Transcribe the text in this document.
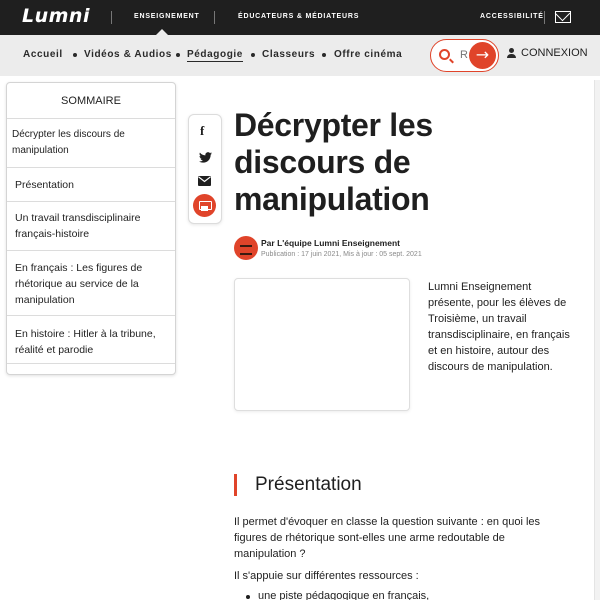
Lumni	ENSEIGNEMENT	ÉDUCATEURS & MÉDIATEURS	ACCESSIBILITÉ
Accueil Vidéos & Audios Pédagogie Classeurs Offre cinéma
R	→	CONNEXION
SOMMAIRE
Décrypter les discours de manipulation
Présentation
Un travail transdisciplinaire français-histoire
En français : Les figures de rhétorique au service de la manipulation
En histoire : Hitler à la tribune, réalité et parodie
f Décrypter les discours de manipulation
Par L'équipe Lumni Enseignement
Publication : 17 juin 2021, Mis à jour : 05 sept. 2021
Lumni Enseignement présente, pour les élèves de Troisième, un travail transdisciplinaire, en français et en histoire, autour des discours de manipulation.
Présentation
Il permet d'évoquer en classe la question suivante : en quoi les figures de rhétorique sont-elles une arme redoutable de manipulation ?
Il s'appuie sur différentes ressources :
une piste pédagogique en français,
